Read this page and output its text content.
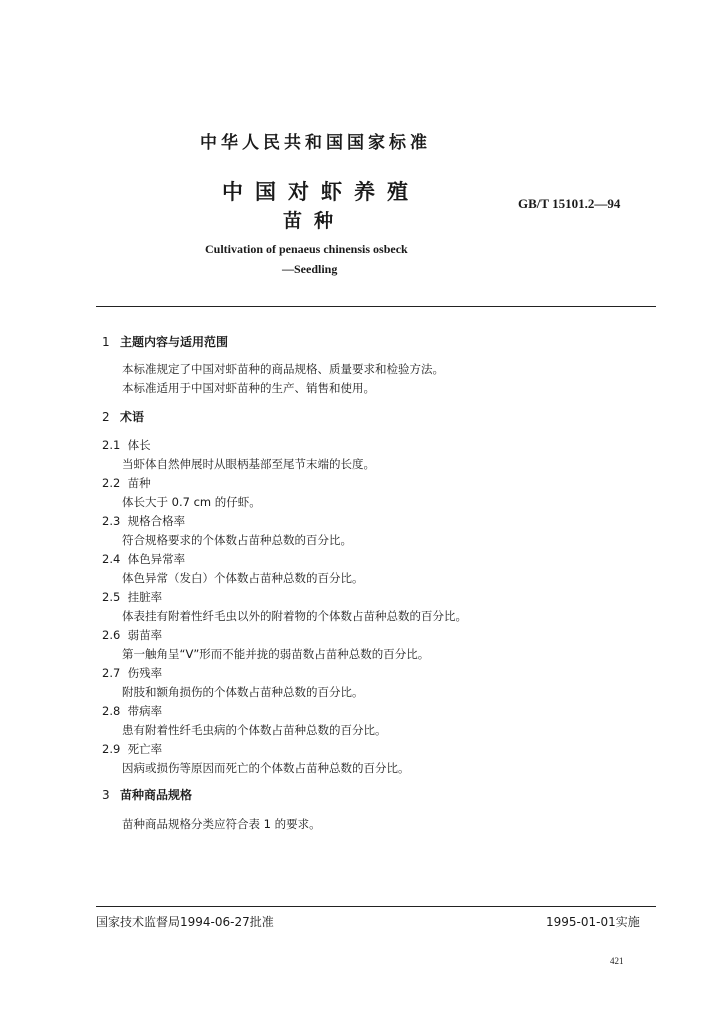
中华人民共和国国家标准
中国对虾养殖
苗种
GB/T 15101.2—94
Cultivation of penaeus chinensis osbeck
—Seedling
1 主题内容与适用范围
本标准规定了中国对虾苗种的商品规格、质量要求和检验方法。
本标准适用于中国对虾苗种的生产、销售和使用。
2 术语
2.1 体长
当虾体自然伸展时从眼柄基部至尾节末端的长度。
2.2 苗种
体长大于 0.7 cm 的仔虾。
2.3 规格合格率
符合规格要求的个体数占苗种总数的百分比。
2.4 体色异常率
体色异常（发白）个体数占苗种总数的百分比。
2.5 挂脏率
体表挂有附着性纤毛虫以外的附着物的个体数占苗种总数的百分比。
2.6 弱苗率
第一触角呈“V”形而不能并拢的弱苗数占苗种总数的百分比。
2.7 伤残率
附肢和额角损伤的个体数占苗种总数的百分比。
2.8 带病率
患有附着性纤毛虫病的个体数占苗种总数的百分比。
2.9 死亡率
因病或损伤等原因而死亡的个体数占苗种总数的百分比。
3 苗种商品规格
苗种商品规格分类应符合表 1 的要求。
国家技术监督局1994-06-27批准	1995-01-01实施
421
